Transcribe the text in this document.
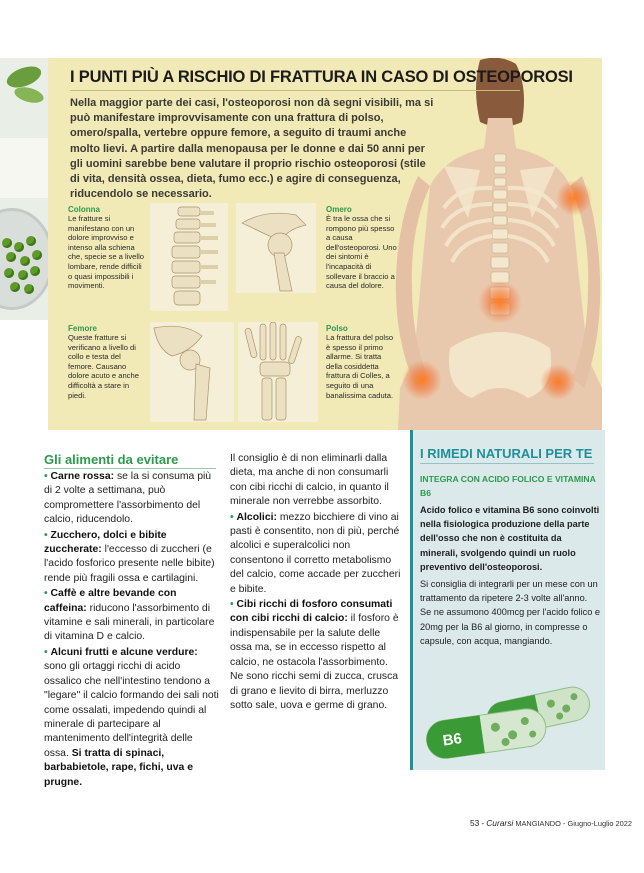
I PUNTI PIÙ A RISCHIO DI FRATTURA IN CASO DI OSTEOPOROSI
Nella maggior parte dei casi, l'osteoporosi non dà segni visibili, ma si può manifestare improvvisamente con una frattura di polso, omero/spalla, vertebre oppure femore, a seguito di traumi anche molto lievi. A partire dalla menopausa per le donne e dai 50 anni per gli uomini sarebbe bene valutare il proprio rischio osteoporosi (stile di vita, densità ossea, dieta, fumo ecc.) e agire di conseguenza, riducendolo se necessario.
Colonna
Le fratture si manifestano con un dolore improvviso e intenso alla schiena che, specie se a livello lombare, rende difficili o quasi impossibili i movimenti.
Omero
È tra le ossa che si rompono più spesso a causa dell'osteoporosi. Uno dei sintomi è l'incapacità di sollevare il braccio a causa del dolore.
Femore
Queste fratture si verificano a livello di collo e testa del femore. Causano dolore acuto e anche difficoltà a stare in piedi.
Polso
La frattura del polso è spesso il primo allarme. Si tratta della cosiddetta frattura di Colles, a seguito di una banalissima caduta.
Gli alimenti da evitare

• Carne rossa: se la si consuma più di 2 volte a settimana, può compromettere l'assorbimento del calcio, riducendolo.

• Zucchero, dolci e bibite zuccherate: l'eccesso di zuccheri (e l'acido fosforico presente nelle bibite) rende più fragili ossa e cartilagini.

• Caffè e altre bevande con caffeina: riducono l'assorbimento di vitamine e sali minerali, in particolare di vitamina D e calcio.

• Alcuni frutti e alcune verdure: sono gli ortaggi ricchi di acido ossalico che nell'intestino tendono a "legare" il calcio formando dei sali noti come ossalati, impedendo quindi al minerale di partecipare al mantenimento dell'integrità delle ossa. Si tratta di spinaci, barbabietole, rape, fichi, uva e prugne.

Il consiglio è di non eliminarli dalla dieta, ma anche di non consumarli con cibi ricchi di calcio, in quanto il minerale non verrebbe assorbito.

• Alcolici: mezzo bicchiere di vino ai pasti è consentito, non di più, perché alcolici e superalcolici non consentono il corretto metabolismo del calcio, come accade per zuccheri e bibite.

• Cibi ricchi di fosforo consumati con cibi ricchi di calcio: il fosforo è indispensabile per la salute delle ossa ma, se in eccesso rispetto al calcio, ne ostacola l'assorbimento. Ne sono ricchi semi di zucca, crusca di grano e lievito di birra, merluzzo sotto sale, uova e germe di grano.

I RIMEDI NATURALI PER TE
INTEGRA CON ACIDO FOLICO E VITAMINA B6
Acido folico e vitamina B6 sono coinvolti nella fisiologica produzione della parte dell'osso che non è costituita da minerali, svolgendo quindi un ruolo preventivo dell'osteoporosi.
Si consiglia di integrarli per un mese con un trattamento da ripetere 2-3 volte all'anno. Se ne assumono 400mcg per l'acido folico e 20mg per la B6 al giorno, in compresse o capsule, con acqua, mangiando.
B6
53 - Curarsi MANGIANDO - Giugno-Luglio 2022
